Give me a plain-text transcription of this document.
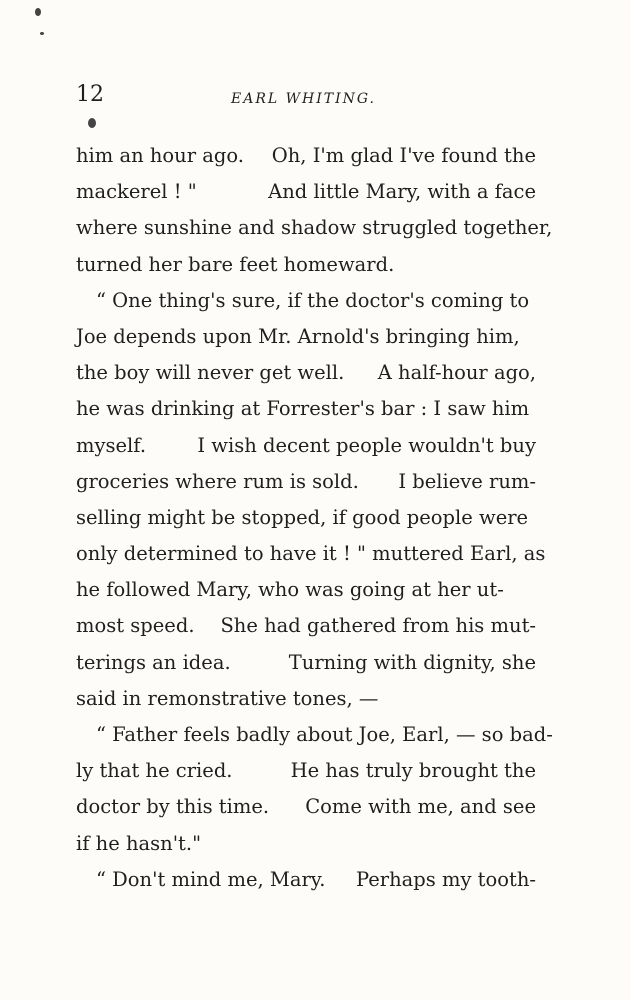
12	EARL WHITING.
him an hour ago. Oh, I'm glad I've found the
mackerel ! "	And little Mary, with a face
where sunshine and shadow struggled together,
turned her bare feet homeward.
“ One thing's sure, if the doctor's coming to
Joe depends upon Mr. Arnold's bringing him,
the boy will never get well. A half-hour ago,
he was drinking at Forrester's bar : I saw him
myself.	I wish decent people wouldn't buy
groceries where rum is sold. I believe rum-
selling might be stopped, if good people were
only determined to have it ! " muttered Earl, as
he followed Mary, who was going at her ut-
most speed. She had gathered from his mut-
terings an idea.	Turning with dignity, she
said in remonstrative tones, —
“ Father feels badly about Joe, Earl, — so bad-
ly that he cried.	He has truly brought the
doctor by this time. Come with me, and see
if he hasn't."
“ Don't mind me, Mary. Perhaps my tooth-
